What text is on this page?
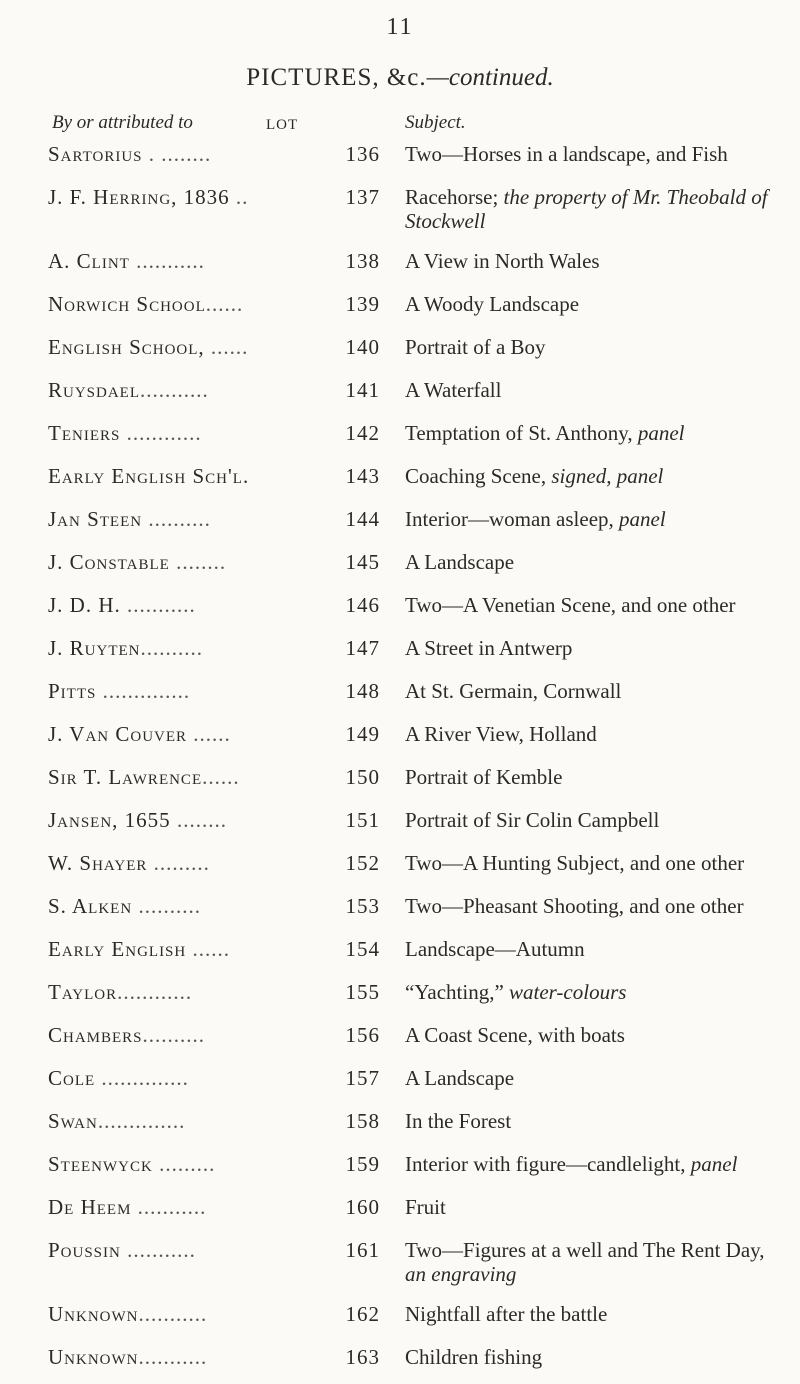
11
PICTURES, &c.—continued.
By or attributed to	LOT	Subject.
Sartorius . ........	136 Two—Horses in a landscape, and Fish
J. F. Herring, 1836 ..	137 Racehorse; the property of Mr. Theobald of Stockwell
A. Clint ...........	138 A View in North Wales
Norwich School......	139 A Woody Landscape
English School, ......	140 Portrait of a Boy
Ruysdael...........	141 A Waterfall
Teniers ............	142 Temptation of St. Anthony, panel
Early English Sch'l.	143 Coaching Scene, signed, panel
Jan Steen ..........	144 Interior—woman asleep, panel
J. Constable ........	145 A Landscape
J. D. H. ...........	146 Two—A Venetian Scene, and one other
J. Ruyten..........	147 A Street in Antwerp
Pitts ..............	148 At St. Germain, Cornwall
J. Van Couver ......	149 A River View, Holland
Sir T. Lawrence......	150 Portrait of Kemble
Jansen, 1655 ........	151 Portrait of Sir Colin Campbell
W. Shayer .........	152 Two—A Hunting Subject, and one other
S. Alken ..........	153 Two—Pheasant Shooting, and one other
Early English ......	154 Landscape—Autumn
Taylor............	155 “Yachting,” water-colours
Chambers..........	156 A Coast Scene, with boats
Cole ..............	157 A Landscape
Swan..............	158 In the Forest
Steenwyck .........	159 Interior with figure—candlelight, panel
De Heem ...........	160 Fruit
Poussin ...........	161 Two—Figures at a well and The Rent Day, an engraving
Unknown...........	162 Nightfall after the battle
Unknown...........	163 Children fishing
